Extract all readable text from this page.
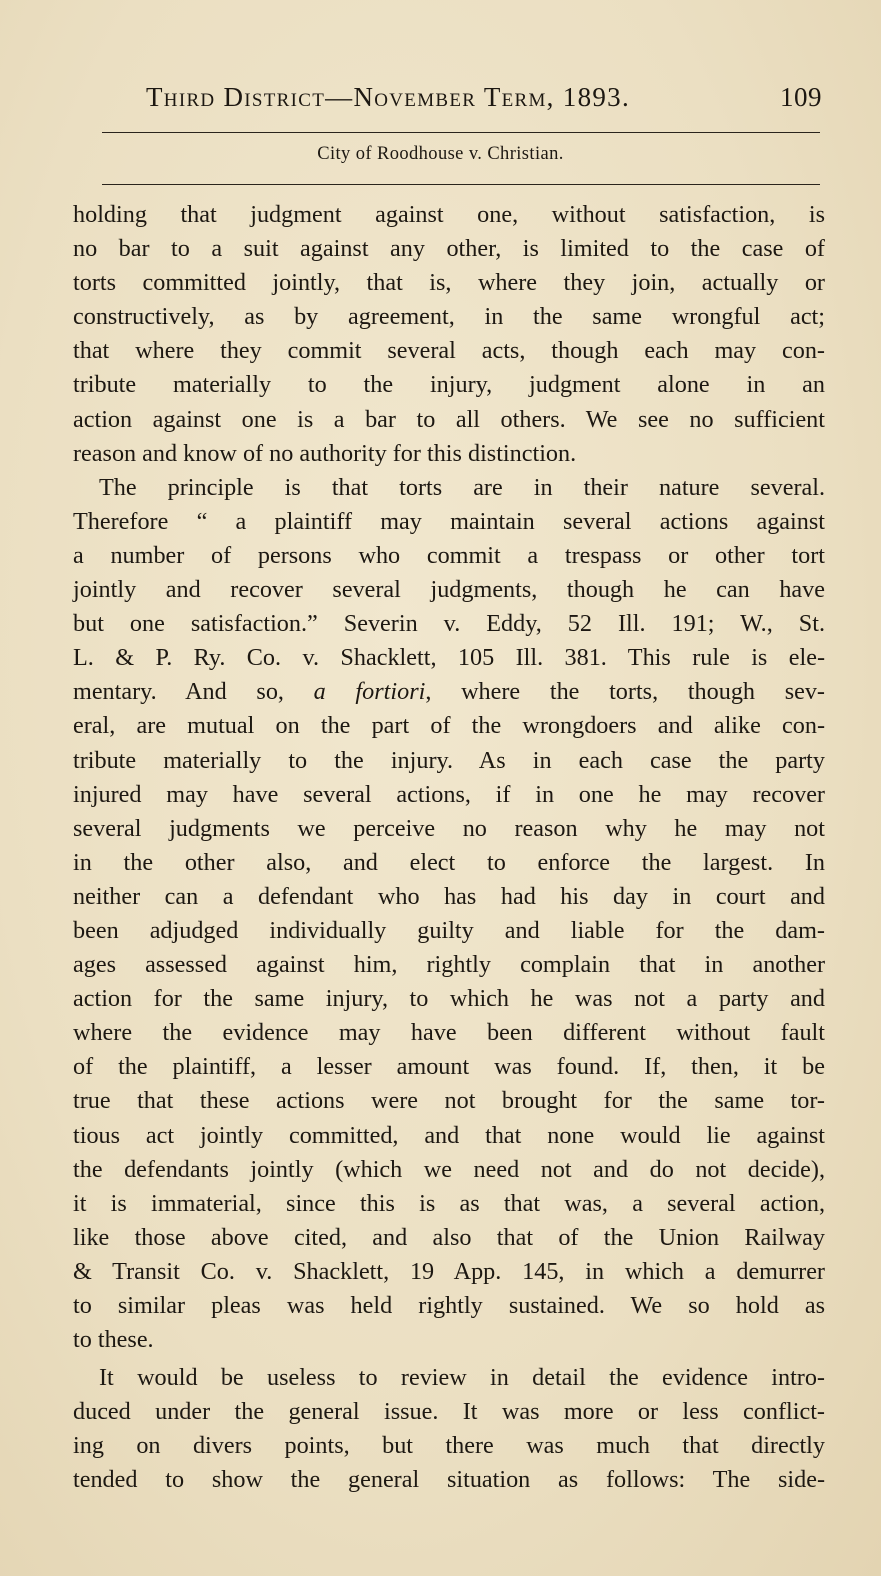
Third District—November Term, 1893.	109
City of Roodhouse v. Christian.
holding that judgment against one, without satisfaction, is
no bar to a suit against any other, is limited to the case of
torts committed jointly, that is, where they join, actually or
constructively, as by agreement, in the same wrongful act;
that where they commit several acts, though each may con-
tribute materially to the injury, judgment alone in an
action against one is a bar to all others. We see no sufficient
reason and know of no authority for this distinction.
The principle is that torts are in their nature several.
Therefore “ a plaintiff may maintain several actions against
a number of persons who commit a trespass or other tort
jointly and recover several judgments, though he can have
but one satisfaction.” Severin v. Eddy, 52 Ill. 191; W., St.
L. & P. Ry. Co. v. Shacklett, 105 Ill. 381. This rule is ele-
mentary. And so, a fortiori, where the torts, though sev-
eral, are mutual on the part of the wrongdoers and alike con-
tribute materially to the injury. As in each case the party
injured may have several actions, if in one he may recover
several judgments we perceive no reason why he may not
in the other also, and elect to enforce the largest. In
neither can a defendant who has had his day in court and
been adjudged individually guilty and liable for the dam-
ages assessed against him, rightly complain that in another
action for the same injury, to which he was not a party and
where the evidence may have been different without fault
of the plaintiff, a lesser amount was found. If, then, it be
true that these actions were not brought for the same tor-
tious act jointly committed, and that none would lie against
the defendants jointly (which we need not and do not decide),
it is immaterial, since this is as that was, a several action,
like those above cited, and also that of the Union Railway
& Transit Co. v. Shacklett, 19 App. 145, in which a demurrer
to similar pleas was held rightly sustained. We so hold as
to these.
It would be useless to review in detail the evidence intro-
duced under the general issue. It was more or less conflict-
ing on divers points, but there was much that directly
tended to show the general situation as follows: The side-
